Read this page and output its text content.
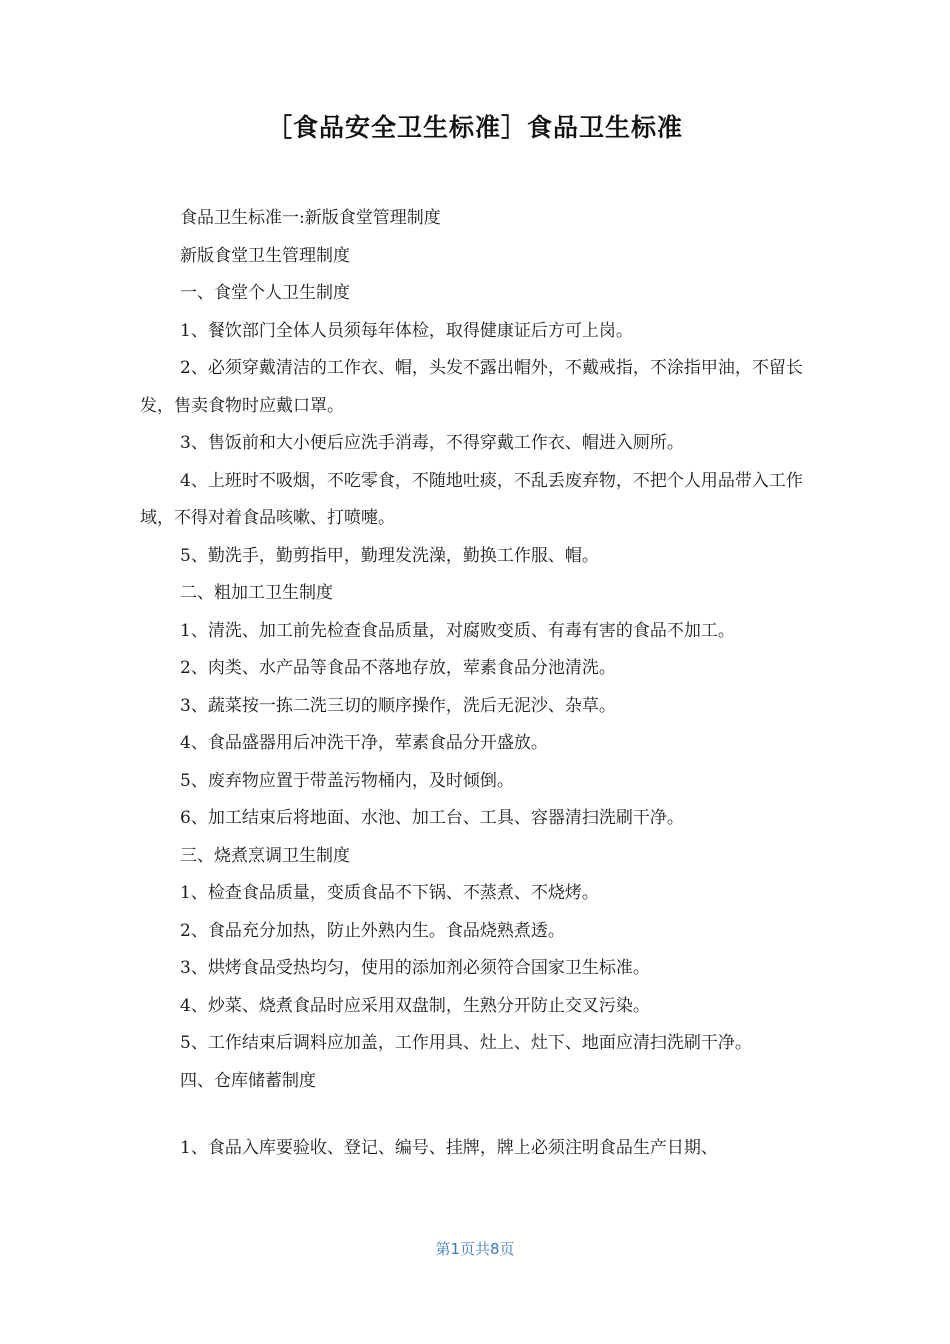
［食品安全卫生标准］食品卫生标准

食品卫生标准一:新版食堂管理制度

新版食堂卫生管理制度

一、食堂个人卫生制度

1、餐饮部门全体人员须每年体检，取得健康证后方可上岗。

2、必须穿戴清洁的工作衣、帽，头发不露出帽外，不戴戒指，不涂指甲油，不留长发，售卖食物时应戴口罩。

3、售饭前和大小便后应洗手消毒，不得穿戴工作衣、帽进入厕所。

4、上班时不吸烟，不吃零食，不随地吐痰，不乱丢废弃物，不把个人用品带入工作域，不得对着食品咳嗽、打喷嚏。

5、勤洗手，勤剪指甲，勤理发洗澡，勤换工作服、帽。

二、粗加工卫生制度

1、清洗、加工前先检查食品质量，对腐败变质、有毒有害的食品不加工。

2、肉类、水产品等食品不落地存放，荤素食品分池清洗。

3、蔬菜按一拣二洗三切的顺序操作，洗后无泥沙、杂草。

4、食品盛器用后冲洗干净，荤素食品分开盛放。

5、废弃物应置于带盖污物桶内，及时倾倒。

6、加工结束后将地面、水池、加工台、工具、容器清扫洗刷干净。

三、烧煮烹调卫生制度

1、检查食品质量，变质食品不下锅、不蒸煮、不烧烤。

2、食品充分加热，防止外熟内生。食品烧熟煮透。

3、烘烤食品受热均匀，使用的添加剂必须符合国家卫生标准。

4、炒菜、烧煮食品时应采用双盘制，生熟分开防止交叉污染。

5、工作结束后调料应加盖，工作用具、灶上、灶下、地面应清扫洗刷干净。

四、仓库储蓄制度

1、食品入库要验收、登记、编号、挂牌，牌上必须注明食品生产日期、

第1页共8页
